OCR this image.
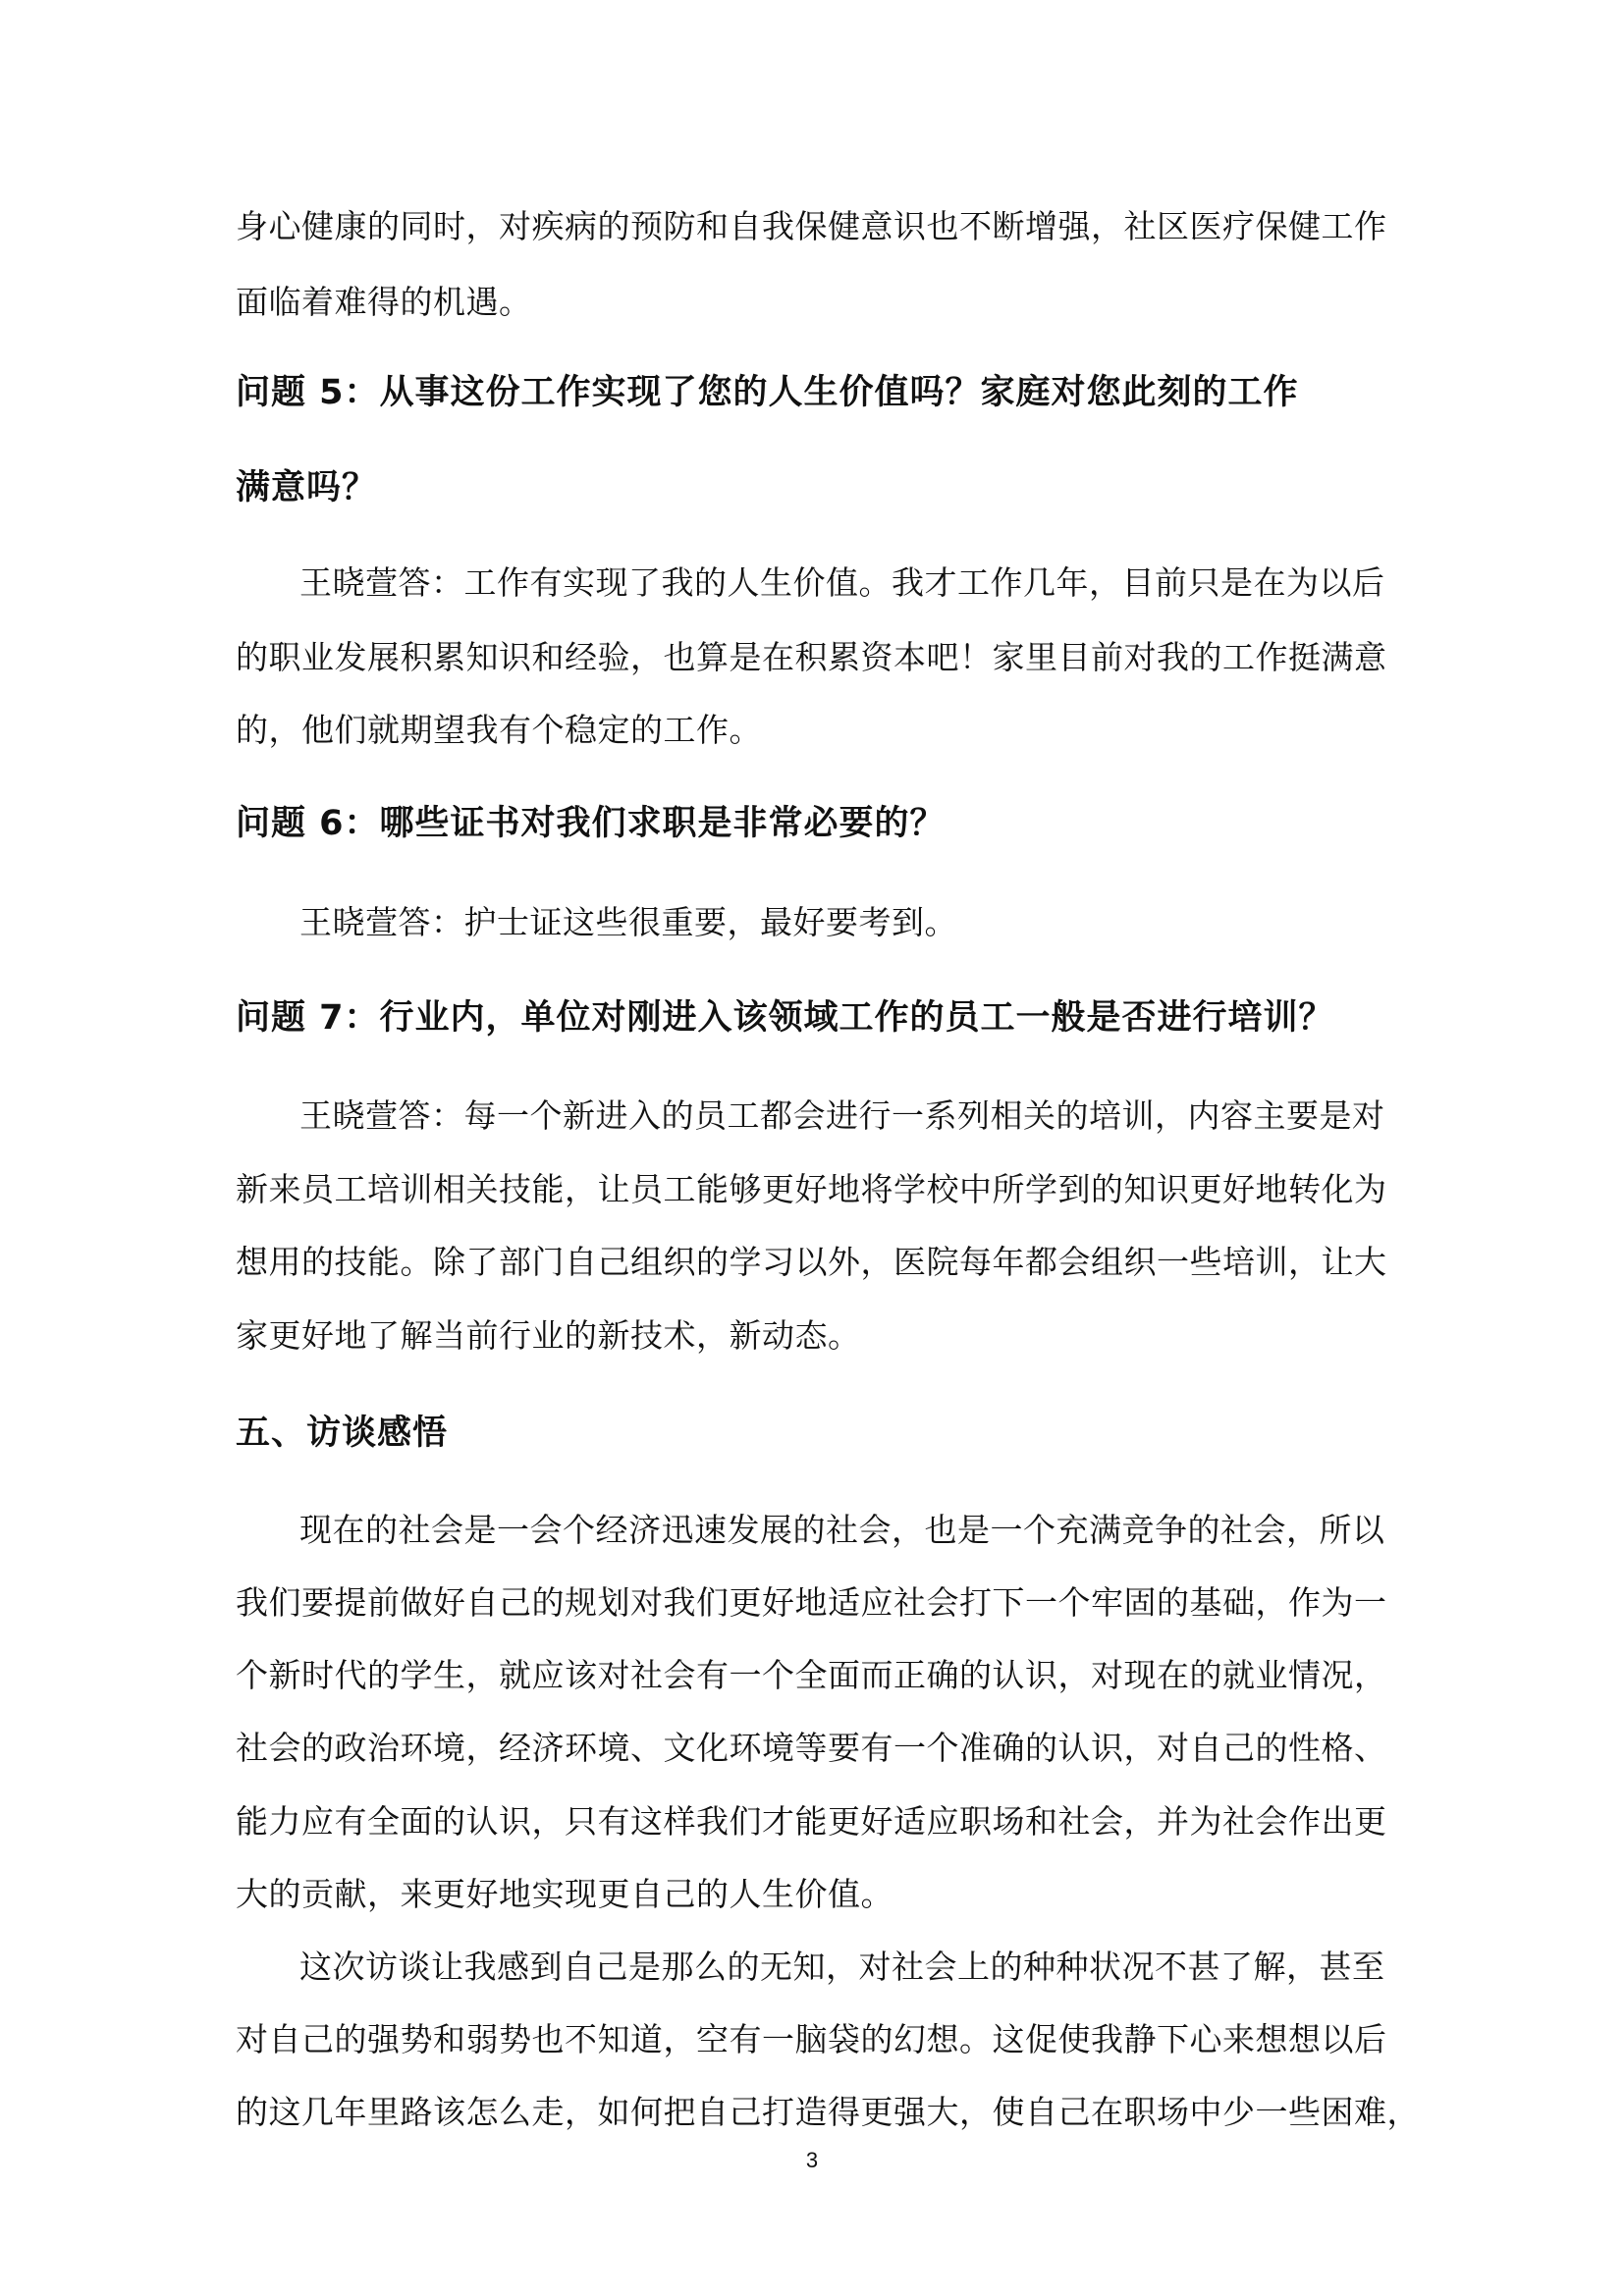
身心健康的同时，对疾病的预防和自我保健意识也不断增强，社区医疗保健工作
面临着难得的机遇。
问题 5：从事这份工作实现了您的人生价值吗？家庭对您此刻的工作
满意吗？
王晓萱答：工作有实现了我的人生价值。我才工作几年，目前只是在为以后
的职业发展积累知识和经验，也算是在积累资本吧！家里目前对我的工作挺满意
的，他们就期望我有个稳定的工作。
问题 6：哪些证书对我们求职是非常必要的？
王晓萱答：护士证这些很重要，最好要考到。
问题 7：行业内，单位对刚进入该领域工作的员工一般是否进行培训？
王晓萱答：每一个新进入的员工都会进行一系列相关的培训，内容主要是对
新来员工培训相关技能，让员工能够更好地将学校中所学到的知识更好地转化为
想用的技能。除了部门自己组织的学习以外，医院每年都会组织一些培训，让大
家更好地了解当前行业的新技术，新动态。
五、访谈感悟
现在的社会是一会个经济迅速发展的社会，也是一个充满竞争的社会，所以
我们要提前做好自己的规划对我们更好地适应社会打下一个牢固的基础，作为一
个新时代的学生，就应该对社会有一个全面而正确的认识，对现在的就业情况，
社会的政治环境，经济环境、文化环境等要有一个准确的认识，对自己的性格、
能力应有全面的认识，只有这样我们才能更好适应职场和社会，并为社会作出更
大的贡献，来更好地实现更自己的人生价值。
这次访谈让我感到自己是那么的无知，对社会上的种种状况不甚了解，甚至
对自己的强势和弱势也不知道，空有一脑袋的幻想。这促使我静下心来想想以后
的这几年里路该怎么走，如何把自己打造得更强大，使自己在职场中少一些困难，
3
